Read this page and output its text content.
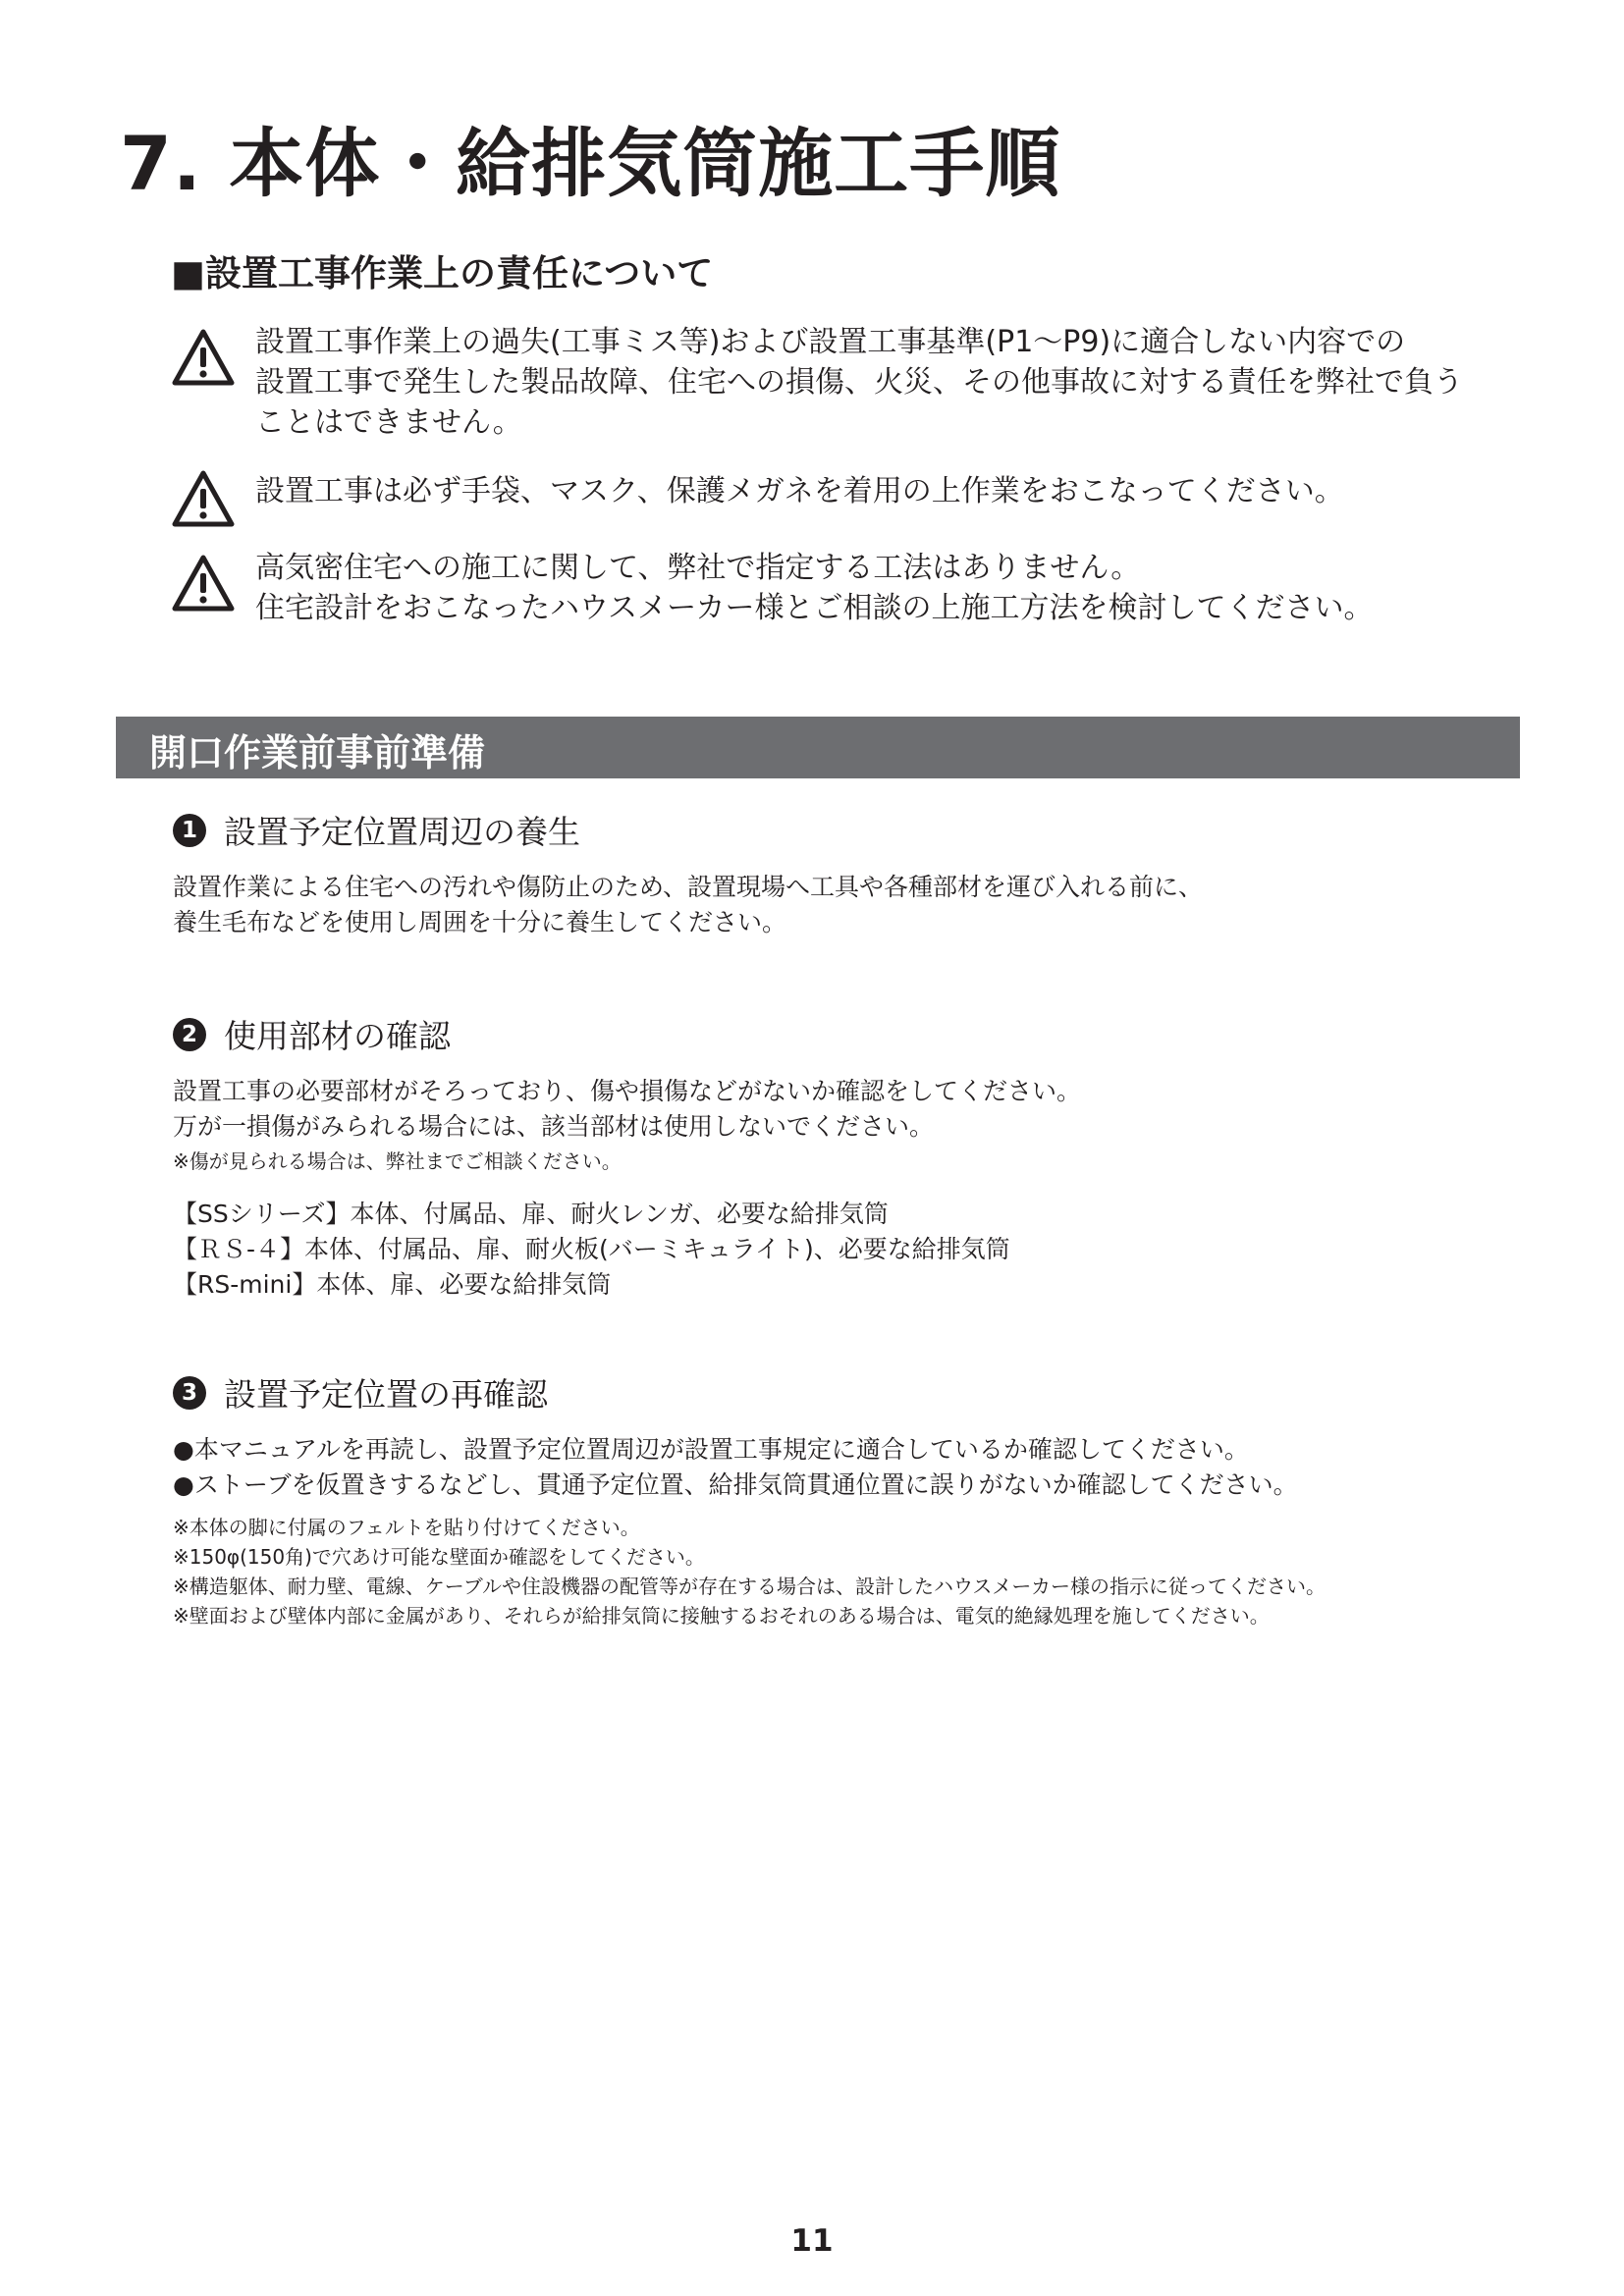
7. 本体・給排気筒施工手順
■設置工事作業上の責任について
設置工事作業上の過失(工事ミス等)および設置工事基準(P1〜P9)に適合しない内容での
設置工事で発生した製品故障、住宅への損傷、火災、その他事故に対する責任を弊社で負う
ことはできません。
設置工事は必ず手袋、マスク、保護メガネを着用の上作業をおこなってください。
高気密住宅への施工に関して、弊社で指定する工法はありません。
住宅設計をおこなったハウスメーカー様とご相談の上施工方法を検討してください。
開口作業前事前準備
1 設置予定位置周辺の養生
設置作業による住宅への汚れや傷防止のため、設置現場へ工具や各種部材を運び入れる前に、
養生毛布などを使用し周囲を十分に養生してください。
2 使用部材の確認
設置工事の必要部材がそろっており、傷や損傷などがないか確認をしてください。
万が一損傷がみられる場合には、該当部材は使用しないでください。
※傷が見られる場合は、弊社までご相談ください。
【SSシリーズ】本体、付属品、扉、耐火レンガ、必要な給排気筒
【ＲＳ-４】本体、付属品、扉、耐火板(バーミキュライト)、必要な給排気筒
【RS-mini】本体、扉、必要な給排気筒
3 設置予定位置の再確認
●本マニュアルを再読し、設置予定位置周辺が設置工事規定に適合しているか確認してください。
●ストーブを仮置きするなどし、貫通予定位置、給排気筒貫通位置に誤りがないか確認してください。
※本体の脚に付属のフェルトを貼り付けてください。
※150φ(150角)で穴あけ可能な壁面か確認をしてください。
※構造躯体、耐力壁、電線、ケーブルや住設機器の配管等が存在する場合は、設計したハウスメーカー様の指示に従ってください。
※壁面および壁体内部に金属があり、それらが給排気筒に接触するおそれのある場合は、電気的絶縁処理を施してください。
11
